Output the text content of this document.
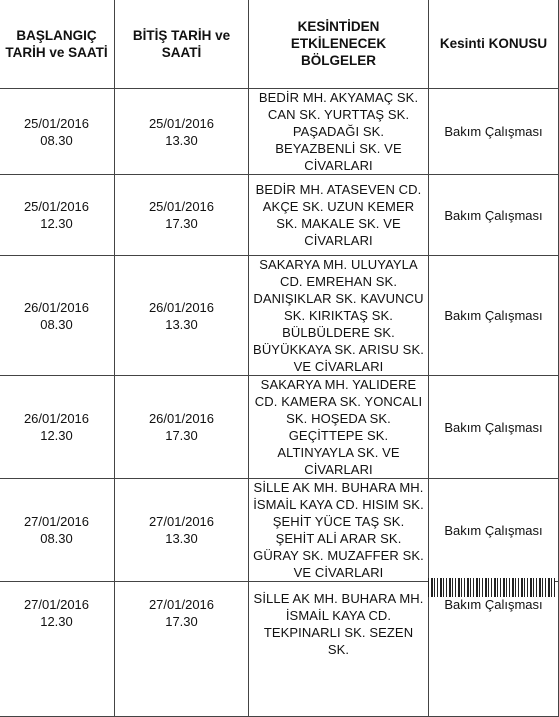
BAŞLANGIÇ TARİH ve SAATİ	BİTİŞ TARİH ve SAATİ	KESİNTİDEN ETKİLENECEK BÖLGELER	Kesinti KONUSU
25/01/2016
08.30	25/01/2016
13.30	BEDİR MH. AKYAMAÇ SK. CAN SK. YURTTAŞ SK. PAŞADAĞI SK. BEYAZBENLİ SK. VE CİVARLARI	Bakım Çalışması
25/01/2016
12.30	25/01/2016
17.30	BEDİR MH. ATASEVEN CD. AKÇE SK. UZUN KEMER SK. MAKALE SK. VE CİVARLARI	Bakım Çalışması
26/01/2016
08.30	26/01/2016
13.30	SAKARYA MH. ULUYAYLA CD. EMREHAN SK. DANIŞIKLAR SK. KAVUNCU SK. KIRIKTAŞ SK. BÜLBÜLDERE SK. BÜYÜKKAYA SK. ARISU SK. VE CİVARLARI	Bakım Çalışması
26/01/2016
12.30	26/01/2016
17.30	SAKARYA MH. YALIDERE CD. KAMERA SK. YONCALI SK. HOŞEDA SK. GEÇİTTEPE SK. ALTINYAYLA SK. VE CİVARLARI	Bakım Çalışması
27/01/2016
08.30	27/01/2016
13.30	SİLLE AK MH. BUHARA MH. İSMAİL KAYA CD. HISIM SK. ŞEHİT YÜCE TAŞ SK. ŞEHİT ALİ ARAR SK. GÜRAY SK. MUZAFFER SK. VE CİVARLARI	Bakım Çalışması
27/01/2016
12.30	27/01/2016
17.30	SİLLE AK MH. BUHARA MH. İSMAİL KAYA CD. TEKPINARLI SK. SEZEN SK.	Bakım Çalışması
